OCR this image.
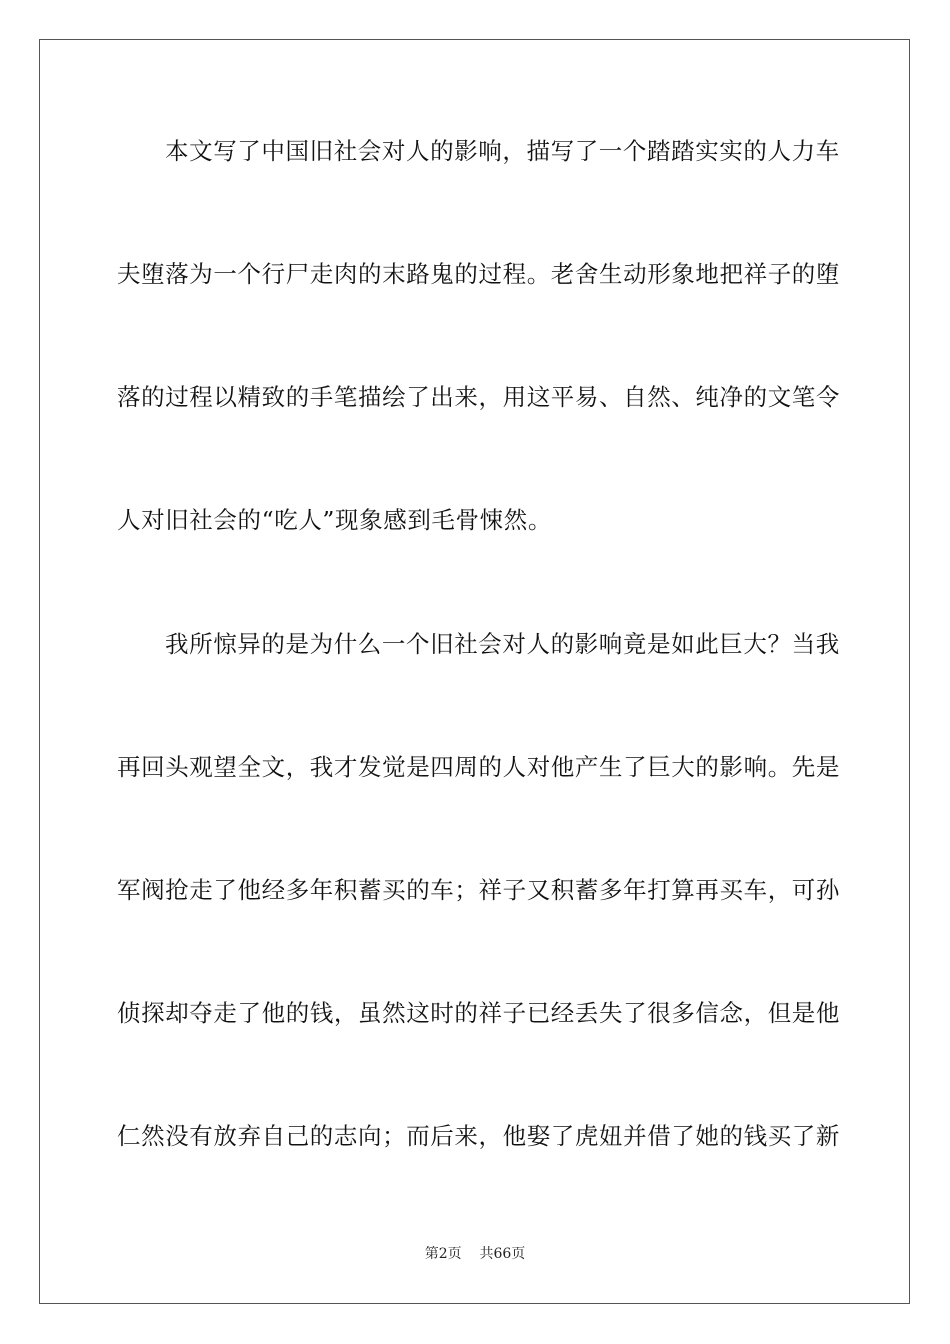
本文写了中国旧社会对人的影响，描写了一个踏踏实实的人力车
夫堕落为一个行尸走肉的末路鬼的过程。老舍生动形象地把祥子的堕
落的过程以精致的手笔描绘了出来，用这平易、自然、纯净的文笔令
人对旧社会的“吃人”现象感到毛骨悚然。
我所惊异的是为什么一个旧社会对人的影响竟是如此巨大？当我
再回头观望全文，我才发觉是四周的人对他产生了巨大的影响。先是
军阀抢走了他经多年积蓄买的车；祥子又积蓄多年打算再买车，可孙
侦探却夺走了他的钱，虽然这时的祥子已经丢失了很多信念，但是他
仁然没有放弃自己的志向；而后来，他娶了虎妞并借了她的钱买了新
第2页 共66页
